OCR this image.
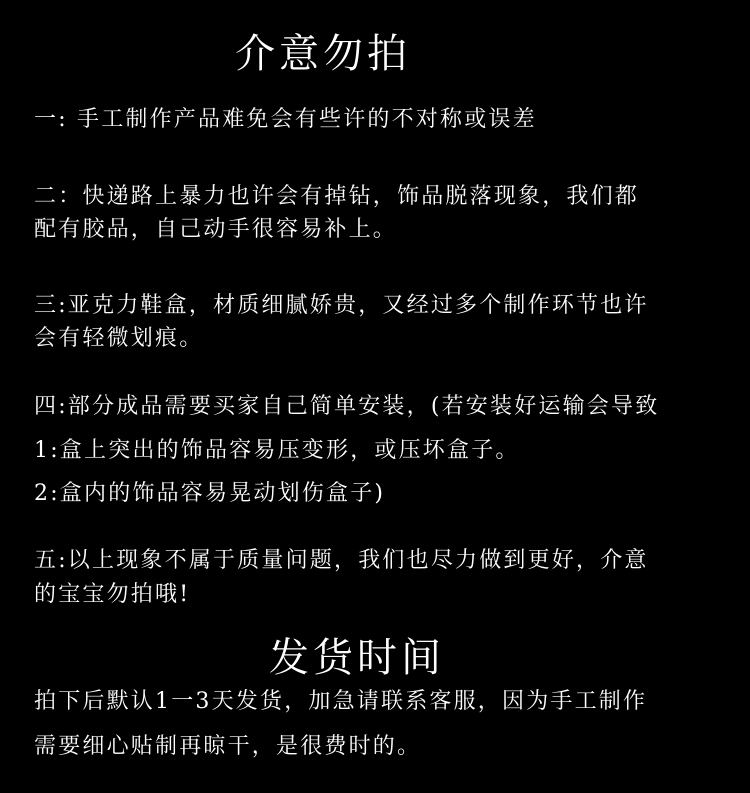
介意勿拍
一: 手工制作产品难免会有些许的不对称或误差
二：快递路上暴力也许会有掉钻，饰品脱落现象，我们都
配有胶品，自己动手很容易补上。
三:亚克力鞋盒，材质细腻娇贵，又经过多个制作环节也许
会有轻微划痕。
四:部分成品需要买家自己简单安装，(若安装好运输会导致
1:盒上突出的饰品容易压变形，或压坏盒子。
2:盒内的饰品容易晃动划伤盒子)
五:以上现象不属于质量问题，我们也尽力做到更好，介意
的宝宝勿拍哦!
发货时间
拍下后默认1一3天发货，加急请联系客服，因为手工制作
需要细心贴制再晾干，是很费时的。
